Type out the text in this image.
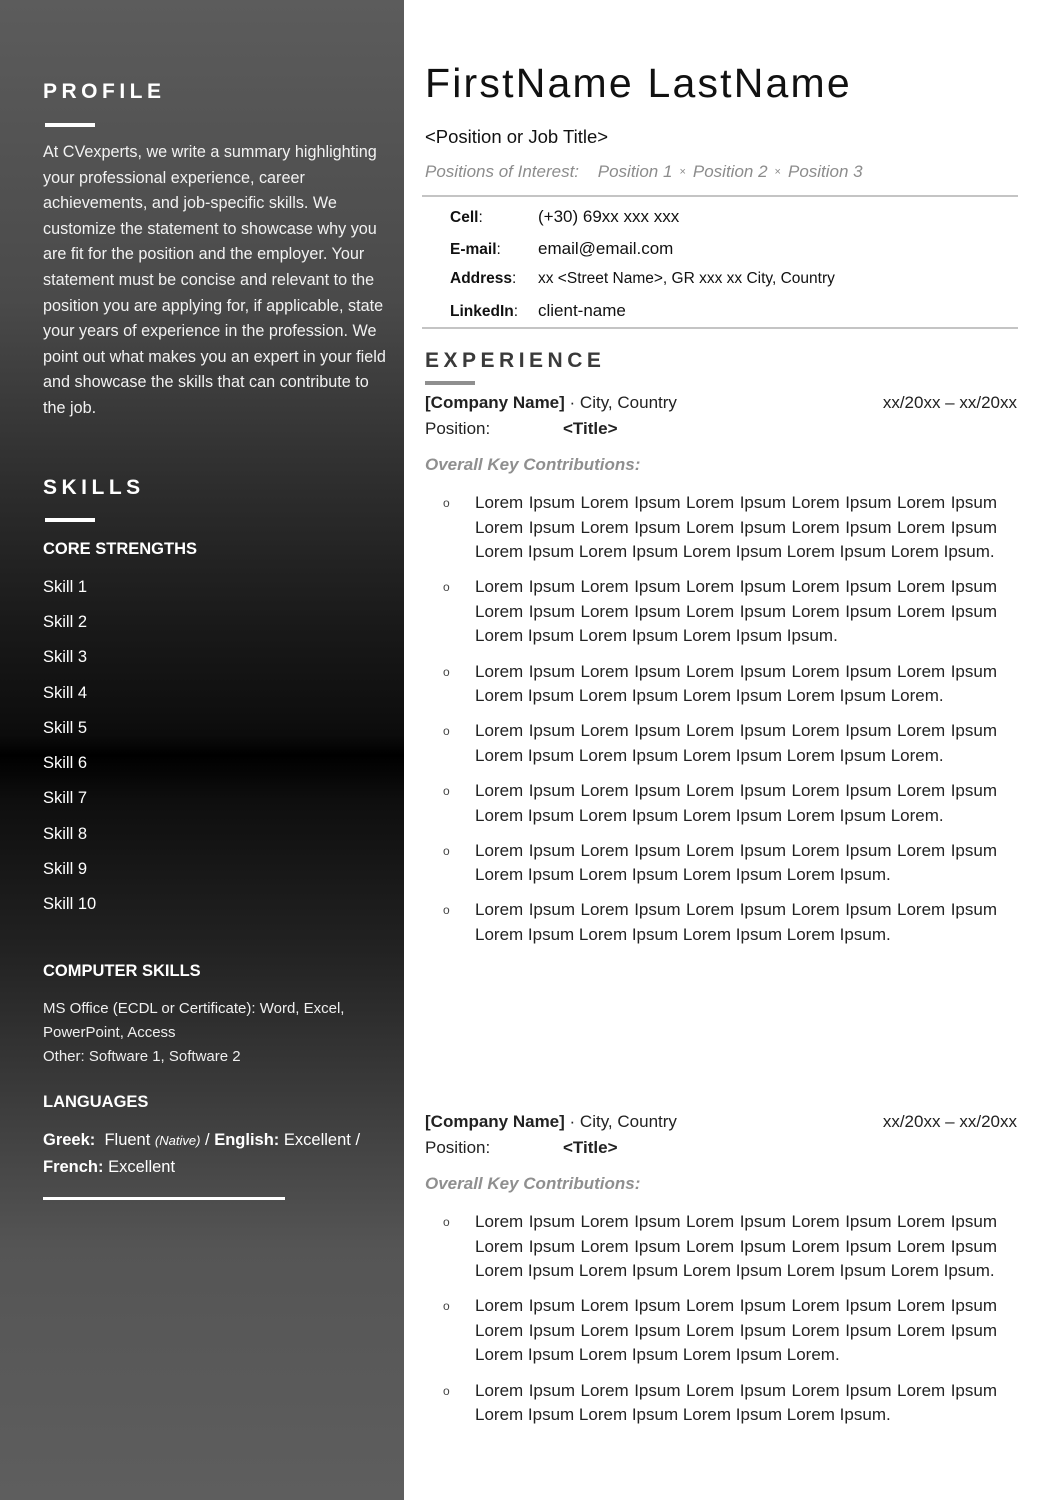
PROFILE
At CVexperts, we write a summary highlighting your professional experience, career achievements, and job-specific skills. We customize the statement to showcase why you are fit for the position and the employer. Your statement must be concise and relevant to the position you are applying for, if applicable, state your years of experience in the profession. We point out what makes you an expert in your field and showcase the skills that can contribute to the job.
SKILLS
CORE STRENGTHS
Skill 1
Skill 2
Skill 3
Skill 4
Skill 5
Skill 6
Skill 7
Skill 8
Skill 9
Skill 10
COMPUTER SKILLS
MS Office (ECDL or Certificate): Word, Excel, PowerPoint, Access
Other: Software 1, Software 2
LANGUAGES
Greek: Fluent (Native) / English: Excellent /
French: Excellent
FirstName LastName
<Position or Job Title>
Positions of Interest: Position 1 × Position 2 × Position 3
Cell:	(+30) 69xx xxx xxx
E-mail: email@email.com
Address: xx <Street Name>, GR xxx xx City, Country
LinkedIn: client-name
EXPERIENCE
[Company Name] · City, Country	xx/20xx – xx/20xx
Position:	<Title>
Overall Key Contributions:
o Lorem Ipsum Lorem Ipsum Lorem Ipsum Lorem Ipsum Lorem Ipsum Lorem Ipsum Lorem Ipsum Lorem Ipsum Lorem Ipsum Lorem Ipsum Lorem Ipsum Lorem Ipsum Lorem Ipsum Lorem Ipsum Lorem Ipsum.
o Lorem Ipsum Lorem Ipsum Lorem Ipsum Lorem Ipsum Lorem Ipsum Lorem Ipsum Lorem Ipsum Lorem Ipsum Lorem Ipsum Lorem Ipsum Lorem Ipsum Lorem Ipsum Lorem Ipsum Ipsum.
o Lorem Ipsum Lorem Ipsum Lorem Ipsum Lorem Ipsum Lorem Ipsum Lorem Ipsum Lorem Ipsum Lorem Ipsum Lorem Ipsum Lorem.
o Lorem Ipsum Lorem Ipsum Lorem Ipsum Lorem Ipsum Lorem Ipsum Lorem Ipsum Lorem Ipsum Lorem Ipsum Lorem Ipsum Lorem.
o Lorem Ipsum Lorem Ipsum Lorem Ipsum Lorem Ipsum Lorem Ipsum Lorem Ipsum Lorem Ipsum Lorem Ipsum Lorem Ipsum Lorem.
o Lorem Ipsum Lorem Ipsum Lorem Ipsum Lorem Ipsum Lorem Ipsum Lorem Ipsum Lorem Ipsum Lorem Ipsum Lorem Ipsum.
o Lorem Ipsum Lorem Ipsum Lorem Ipsum Lorem Ipsum Lorem Ipsum Lorem Ipsum Lorem Ipsum Lorem Ipsum Lorem Ipsum.
[Company Name] · City, Country	xx/20xx – xx/20xx
Position:	<Title>
Overall Key Contributions:
o Lorem Ipsum Lorem Ipsum Lorem Ipsum Lorem Ipsum Lorem Ipsum Lorem Ipsum Lorem Ipsum Lorem Ipsum Lorem Ipsum Lorem Ipsum Lorem Ipsum Lorem Ipsum Lorem Ipsum Lorem Ipsum Lorem Ipsum.
o Lorem Ipsum Lorem Ipsum Lorem Ipsum Lorem Ipsum Lorem Ipsum Lorem Ipsum Lorem Ipsum Lorem Ipsum Lorem Ipsum Lorem Ipsum Lorem Ipsum Lorem Ipsum Lorem Ipsum Lorem.
o Lorem Ipsum Lorem Ipsum Lorem Ipsum Lorem Ipsum Lorem Ipsum Lorem Ipsum Lorem Ipsum Lorem Ipsum Lorem Ipsum.
